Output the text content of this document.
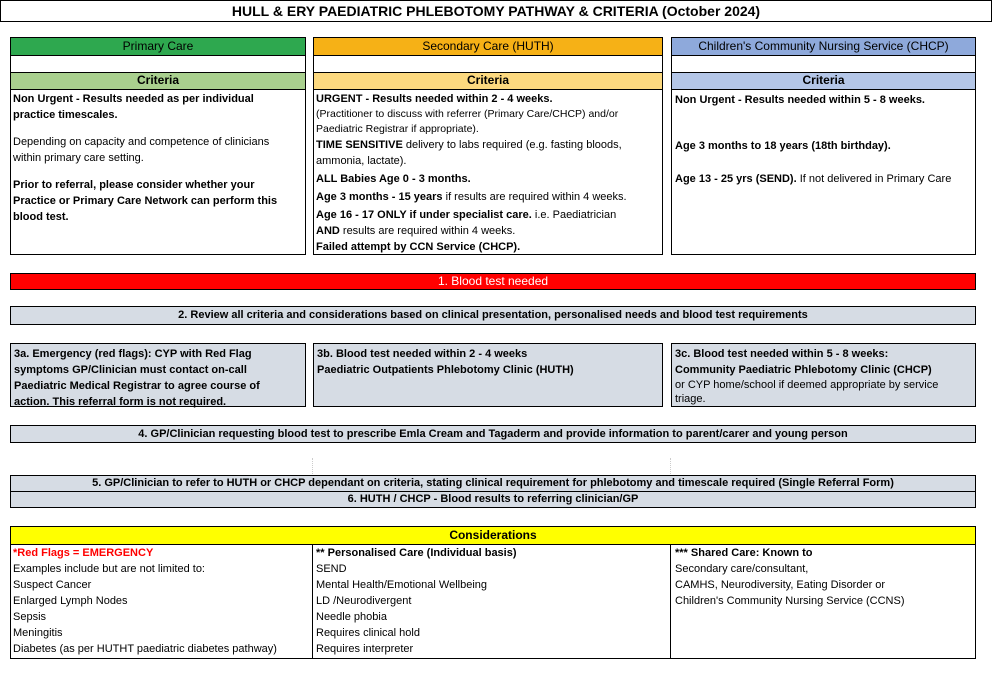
HULL & ERY PAEDIATRIC PHLEBOTOMY PATHWAY & CRITERIA (October 2024)
Primary Care
Criteria
Non Urgent - Results needed as per individual
practice timescales.
Depending on capacity and competence of clinicians
within primary care setting.
Prior to referral, please consider whether your
Practice or Primary Care Network can perform this
blood test.
Secondary Care (HUTH)
Criteria
URGENT - Results needed within 2 - 4 weeks.
(Practitioner to discuss with referrer (Primary Care/CHCP) and/or
Paediatric Registrar if appropriate).
TIME SENSITIVE delivery to labs required (e.g. fasting bloods,
ammonia, lactate).
ALL Babies Age 0 - 3 months.
Age 3 months - 15 years if results are required within 4 weeks.
Age 16 - 17 ONLY if under specialist care. i.e. Paediatrician
AND results are required within 4 weeks.
Failed attempt by CCN Service (CHCP).
Children's Community Nursing Service (CHCP)
Criteria
Non Urgent - Results needed within 5 - 8 weeks.
Age 3 months to 18 years (18th birthday).
Age 13 - 25 yrs (SEND). If not delivered in Primary Care
1. Blood test needed
2. Review all criteria and considerations based on clinical presentation, personalised needs and blood test requirements
3a. Emergency (red flags): CYP with Red Flag
symptoms GP/Clinician must contact on-call
Paediatric Medical Registrar to agree course of
action. This referral form is not required.
3b. Blood test needed within 2 - 4 weeks
Paediatric Outpatients Phlebotomy Clinic (HUTH)
3c. Blood test needed within 5 - 8 weeks:
Community Paediatric Phlebotomy Clinic (CHCP)
or CYP home/school if deemed appropriate by service
triage.
4. GP/Clinician requesting blood test to prescribe Emla Cream and Tagaderm and provide information to parent/carer and young person
5. GP/Clinician to refer to HUTH or CHCP dependant on criteria, stating clinical requirement for phlebotomy and timescale required (Single Referral Form)
6. HUTH / CHCP - Blood results to referring clinician/GP
Considerations
*Red Flags = EMERGENCY
Examples include but are not limited to:
Suspect Cancer
Enlarged Lymph Nodes
Sepsis
Meningitis
Diabetes (as per HUTHT paediatric diabetes pathway)
** Personalised Care (Individual basis)
SEND
Mental Health/Emotional Wellbeing
LD /Neurodivergent
Needle phobia
Requires clinical hold
Requires interpreter
*** Shared Care: Known to
Secondary care/consultant,
CAMHS, Neurodiversity, Eating Disorder or
Children's Community Nursing Service (CCNS)
